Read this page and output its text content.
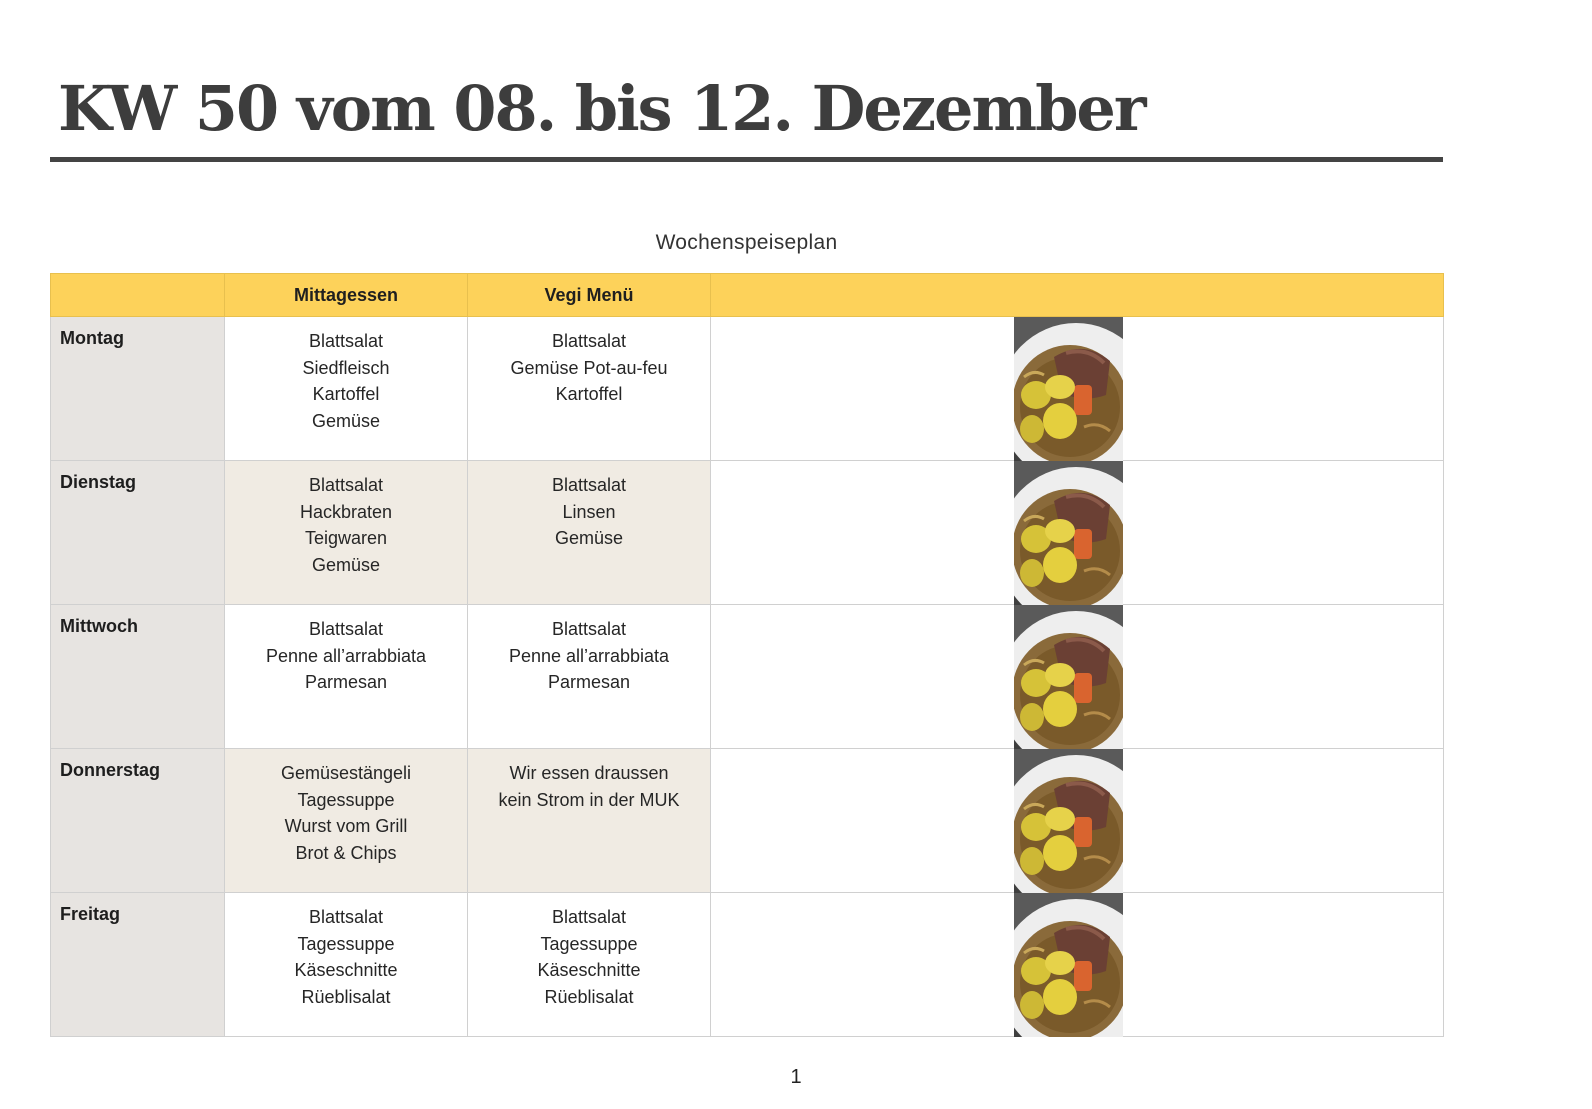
KW 50 vom 08. bis 12. Dezember
Wochenspeiseplan
	Mittagessen	Vegi Menü	
Montag	Blattsalat
Siedfleisch
Kartoffel
Gemüse	Blattsalat
Gemüse Pot-au-feu
Kartoffel

Dienstag	Blattsalat
Hackbraten
Teigwaren
Gemüse	Blattsalat
Linsen
Gemüse

Mittwoch	Blattsalat
Penne all’arrabbiata
Parmesan	Blattsalat
Penne all’arrabbiata
Parmesan

Donnerstag	Gemüsestängeli
Tagessuppe
Wurst vom Grill
Brot & Chips	Wir essen draussen
kein Strom in der MUK

Freitag	Blattsalat
Tagessuppe
Käseschnitte
Rüeblisalat	Blattsalat
Tagessuppe
Käseschnitte
Rüeblisalat

1
